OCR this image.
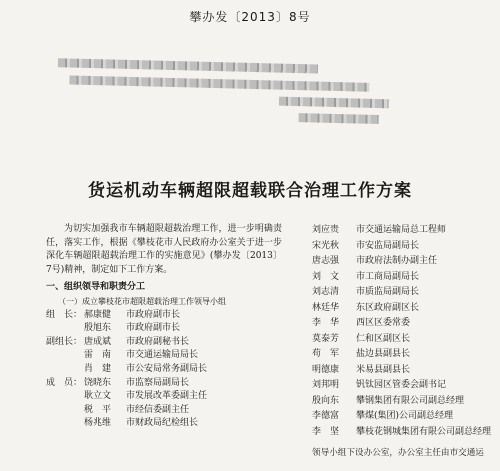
攀办发〔2013〕8号
货运机动车辆超限超载联合治理工作方案
为切实加强我市车辆超限超载治理工作，进一步明确责任，落实工作，根据《攀枝花市人民政府办公室关于进一步深化车辆超限超载治理工作的实施意见》(攀办发〔2013〕7号)精神，制定如下工作方案。
一、组织领导和职责分工
（一）成立攀枝花市超限超载治理工作领导小组
组　长： 郝康健	市政府副市长
殷旭东	市政府副市长
副组长： 唐成斌	市政府副秘书长
雷　南	市交通运输局局长
肖　建	市公安局常务副局长
成　员： 饶晓东	市监察局副局长
耿立文	市发展改革委副主任
税　平	市经信委副主任
杨兆维	市财政局纪检组长
刘应贵	市交通运输局总工程师
宋光秋	市安监局副局长
唐志强	市政府法制办副主任
刘　文	市工商局副局长
刘志清	市质监局副局长
林廷华	东区政府副区长
李　华	西区区委常委
莫泰芳	仁和区副区长
苟　军	盐边县副县长
明德康	米易县副县长
刘邦明	钒钛园区管委会副书记
殷向东	攀钢集团有限公司副总经理
李德富	攀煤(集团)公司副总经理
李　坚	攀枝花钢城集团有限公司副总经理
领导小组下设办公室，办公室主任由市交通运
